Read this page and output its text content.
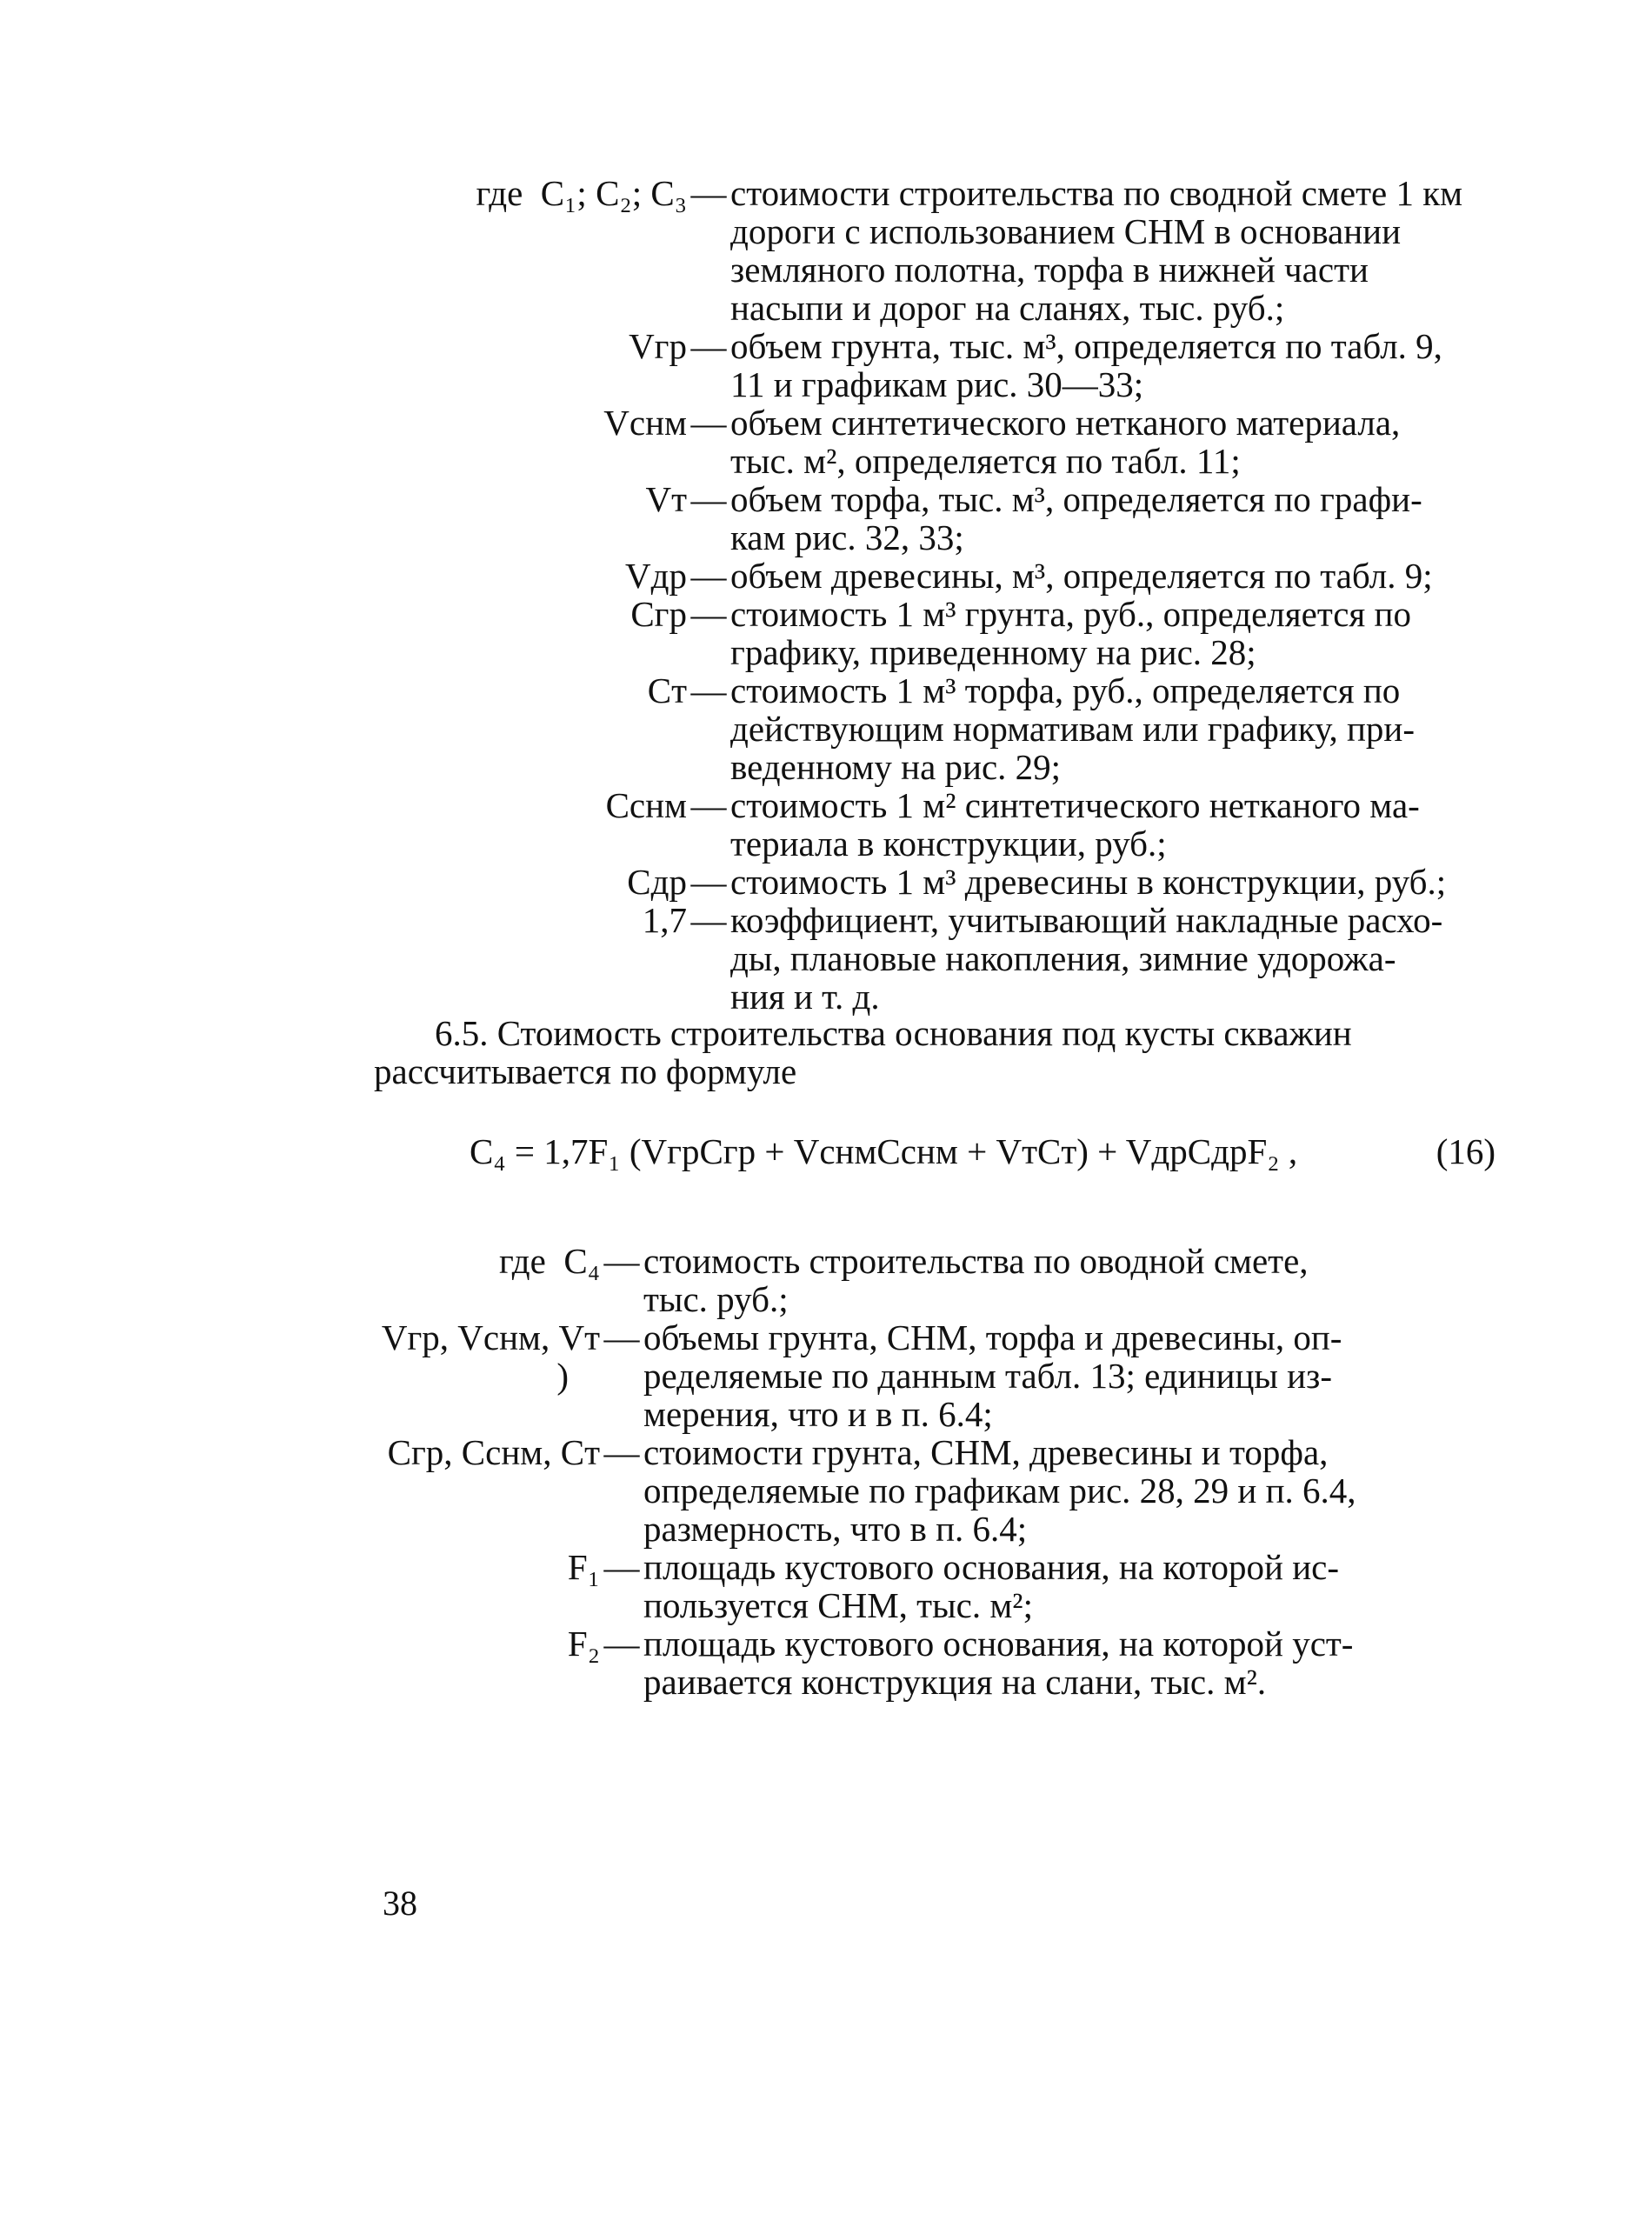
где  C₁; C₂; C₃ — стоимости строительства по сводной смете 1 км
дороги с использованием СНМ в основании
земляного полотна, торфа в нижней части
насыпи и дорог на сланях, тыс. руб.;
Vгр — объем грунта, тыс. м³, определяется по табл. 9,
11 и графикам рис. 30—33;
Vснм — объем синтетического нетканого материала,
тыс. м², определяется по табл. 11;
Vт — объем торфа, тыс. м³, определяется по графи-
кам рис. 32, 33;
Vдр — объем древесины, м³, определяется по табл. 9;
Cгр — стоимость 1 м³ грунта, руб., определяется по
графику, приведенному на рис. 28;
Cт — стоимость 1 м³ торфа, руб., определяется по
действующим нормативам или графику, при-
веденному на рис. 29;
Cснм — стоимость 1 м² синтетического нетканого ма-
териала в конструкции, руб.;
Cдр — стоимость 1 м³ древесины в конструкции, руб.;
1,7 — коэффициент, учитывающий накладные расхо-
ды, плановые накопления, зимние удорожа-
ния и т. д.
6.5. Стоимость строительства основания под кусты скважин
рассчитывается по формуле
C₄ = 1,7F₁ (VгрCгр + VснмCснм + VтCт) + VдрCдрF₂ ,	(16)
где  C₄ — стоимость строительства по оводной смете,
тыс. руб.;
Vгр, Vснм, Vт
)
— объемы грунта, СНМ, торфа и древесины, оп-
ределяемые по данным табл. 13; единицы из-
мерения, что и в п. 6.4;
Cгр, Cснм, Cт — стоимости грунта, СНМ, древесины и торфа,
определяемые по графикам рис. 28, 29 и п. 6.4,
размерность, что в п. 6.4;
F₁ — площадь кустового основания, на которой ис-
пользуется СНМ, тыс. м²;
F₂ — площадь кустового основания, на которой уст-
раивается конструкция на слани, тыс. м².
38
